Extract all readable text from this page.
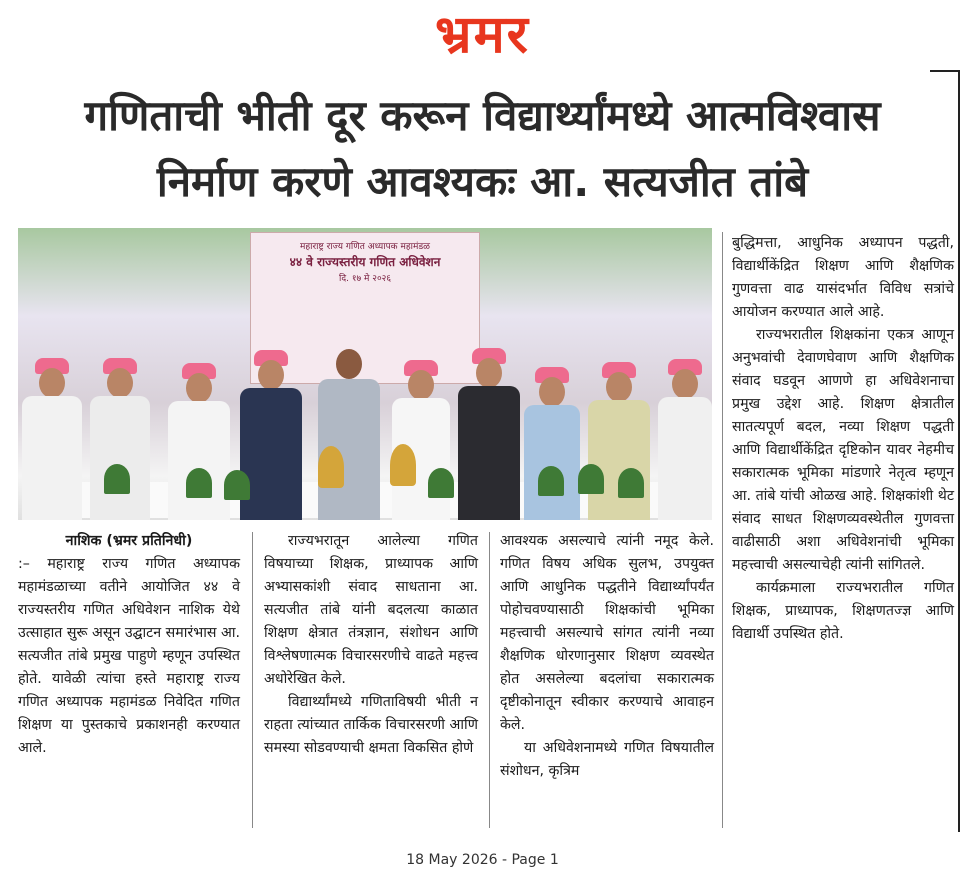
भ्रमर
गणिताची भीती दूर करून विद्यार्थ्यांमध्ये आत्मविश्वास
निर्माण करणे आवश्यकः आ. सत्यजीत तांबे
महाराष्ट्र राज्य गणित अध्यापक महामंडळ
४४ वे राज्यस्तरीय गणित अधिवेशन
दि. १७ मे २०२६

नाशिक (भ्रमर प्रतिनिधी)

:– महाराष्ट्र राज्य गणित अध्यापक महामंडळाच्या वतीने आयोजित ४४ वे राज्यस्तरीय गणित अधिवेशन नाशिक येथे उत्साहात सुरू असून उद्घाटन समारंभास आ. सत्यजीत तांबे प्रमुख पाहुणे म्हणून उपस्थित होते. यावेळी त्यांचा हस्ते महाराष्ट्र राज्य गणित अध्यापक महामंडळ निवेदित गणित शिक्षण या पुस्तकाचे प्रकाशनही करण्यात आले.

राज्यभरातून आलेल्या गणित विषयाच्या शिक्षक, प्राध्यापक आणि अभ्यासकांशी संवाद साधताना आ. सत्यजीत तांबे यांनी बदलत्या काळात शिक्षण क्षेत्रात तंत्रज्ञान, संशोधन आणि विश्लेषणात्मक विचारसरणीचे वाढते महत्त्व अधोरेखित केले.

विद्यार्थ्यांमध्ये गणिताविषयी भीती न राहता त्यांच्यात तार्किक विचारसरणी आणि समस्या सोडवण्याची क्षमता विकसित होणे

आवश्यक असल्याचे त्यांनी नमूद केले. गणित विषय अधिक सुलभ, उपयुक्त आणि आधुनिक पद्धतीने विद्यार्थ्यांपर्यंत पोहोचवण्यासाठी शिक्षकांची भूमिका महत्त्वाची असल्याचे सांगत त्यांनी नव्या शैक्षणिक धोरणानुसार शिक्षण व्यवस्थेत होत असलेल्या बदलांचा सकारात्मक दृष्टीकोनातून स्वीकार करण्याचे आवाहन केले.

या अधिवेशनामध्ये गणित विषयातील संशोधन, कृत्रिम

बुद्धिमत्ता, आधुनिक अध्यापन पद्धती, विद्यार्थीकेंद्रित शिक्षण आणि शैक्षणिक गुणवत्ता वाढ यासंदर्भात विविध सत्रांचे आयोजन करण्यात आले आहे.

राज्यभरातील शिक्षकांना एकत्र आणून अनुभवांची देवाणघेवाण आणि शैक्षणिक संवाद घडवून आणणे हा अधिवेशनाचा प्रमुख उद्देश आहे. शिक्षण क्षेत्रातील सातत्यपूर्ण बदल, नव्या शिक्षण पद्धती आणि विद्यार्थीकेंद्रित दृष्टिकोन यावर नेहमीच सकारात्मक भूमिका मांडणारे नेतृत्व म्हणून आ. तांबे यांची ओळख आहे. शिक्षकांशी थेट संवाद साधत शिक्षणव्यवस्थेतील गुणवत्ता वाढीसाठी अशा अधिवेशनांची भूमिका महत्त्वाची असल्याचेही त्यांनी सांगितले.

कार्यक्रमाला राज्यभरातील गणित शिक्षक, प्राध्यापक, शिक्षणतज्ज्ञ आणि विद्यार्थी उपस्थित होते.

18 May 2026 - Page 1
